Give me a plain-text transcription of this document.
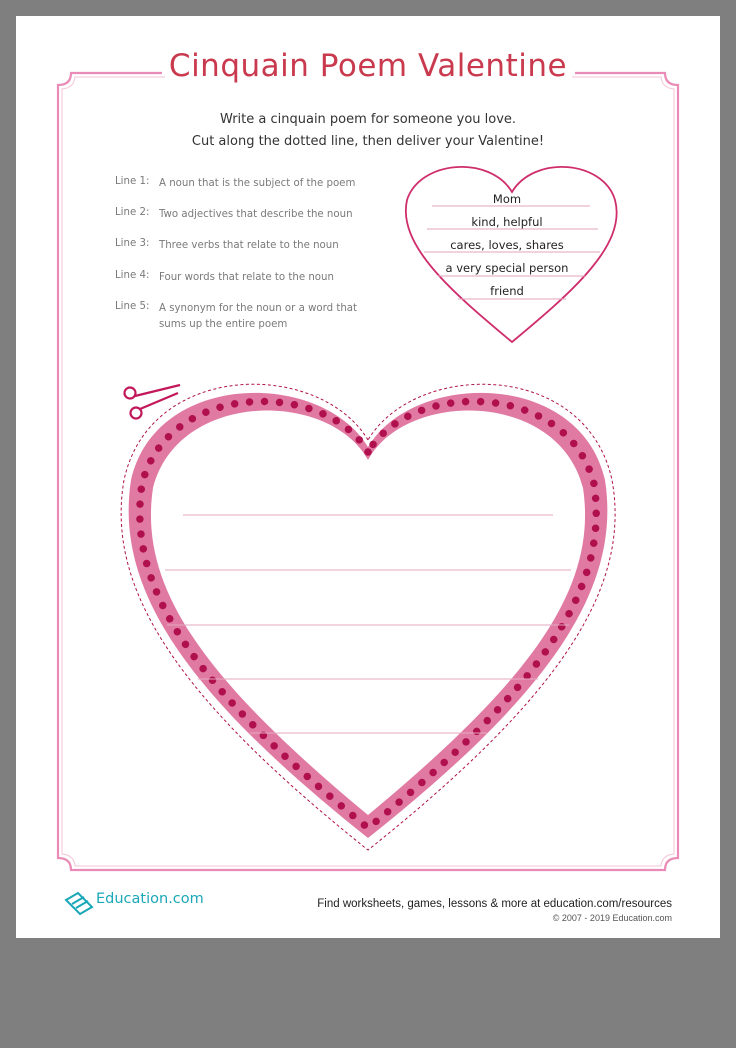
Cinquain Poem Valentine

Write a cinquain poem for someone you love.

Cut along the dotted line, then deliver your Valentine!

Line 1: A noun that is the subject of the poem
Line 2: Two adjectives that describe the noun
Line 3: Three verbs that relate to the noun
Line 4: Four words that relate to the noun
Line 5: A synonym for the noun or a word that sums up the entire poem
Mom
kind, helpful
cares, loves, shares
a very special person
friend
Education.com	Find worksheets, games, lessons & more at education.com/resources
© 2007 - 2019 Education.com
